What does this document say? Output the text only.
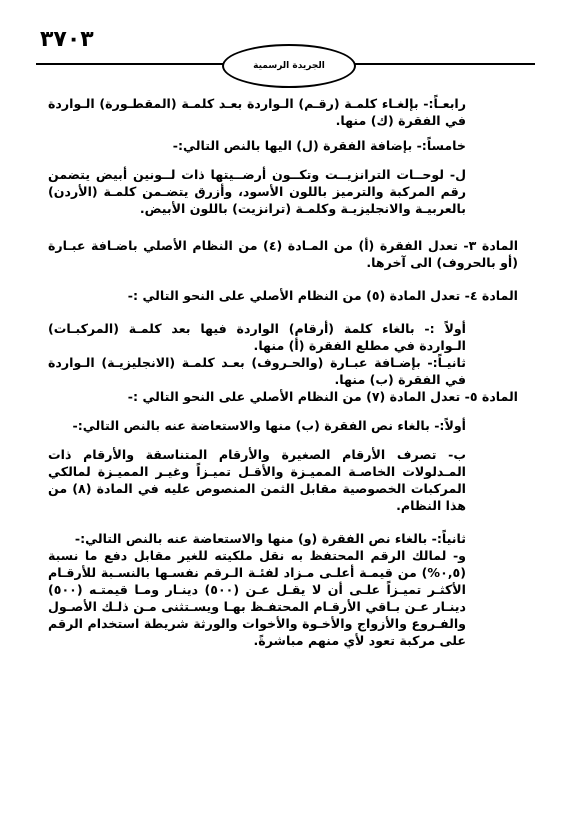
٣٧٠٣
الجريدة الرسمية

رابعـاً:- بإلغـاء كلمـة (رقـم) الـواردة بعـد كلمـة (المقطـورة) الـواردة في الفقرة (ك) منها.

خامساً:- بإضافة الفقرة (ل) اليها بالنص التالي:-

ل- لوحــات الترانزيــت وتكــون أرضــيتها ذات لــونين أبيض يتضمن رقم المركبة والترميز باللون الأسود، وأزرق يتضـمن كلمـة (الأردن) بالعربيـة والانجليزيـة وكلمـة (ترانزيت) باللون الأبيض.

المادة ٣- تعدل الفقرة (أ) من المـادة (٤) من النظام الأصلي باضـافة عبـارة (أو بالحروف) الى آخرها.

المادة ٤- تعدل المادة (٥) من النظام الأصلي على النحو التالي :-

أولاً :- بالغاء كلمة (أرقام) الواردة فيها بعد كلمـة (المركبـات) الـواردة في مطلع الفقرة (أ) منها.

ثانيـاً:- بإضـافة عبـارة (والحـروف) بعـد كلمـة (الانجليزيـة) الـواردة في الفقرة (ب) منها.

المادة ٥- تعدل المادة (٧) من النظام الأصلي على النحو التالي :-

أولاً:- بالغاء نص الفقرة (ب) منها والاستعاضة عنه بالنص التالي:-

ب- تصرف الأرقام الصغيرة والأرقام المتناسقة والأرقام ذات المـدلولات الخاصـة المميـزة والأقـل تميـزاً وغيـر المميـزة لمالكي المركبات الخصوصية مقابل الثمن المنصوص عليه في المادة (٨) من هذا النظام.

ثانياً:- بالغاء نص الفقرة (و) منها والاستعاضة عنه بالنص التالي:-

و- لمالك الرقم المحتفظ به نقل ملكيته للغير مقابل دفع ما نسبة (٠,٥%) من قيمـة أعلـى مـزاد لفئـة الـرقم نفسـها بالنسـبة للأرقـام الأكثـر تميـزاً علـى أن لا يقـل عـن (٥٠٠) دينـار ومـا قيمتـه (٥٠٠) دينـار عـن بـاقي الأرقـام المحتفـظ بهـا ويسـتثنى مـن ذلـك الأصـول والفـروع والأزواج والأخـوة والأخوات والورثة شريطة استخدام الرقم على مركبة تعود لأي منهم مباشرةً.
